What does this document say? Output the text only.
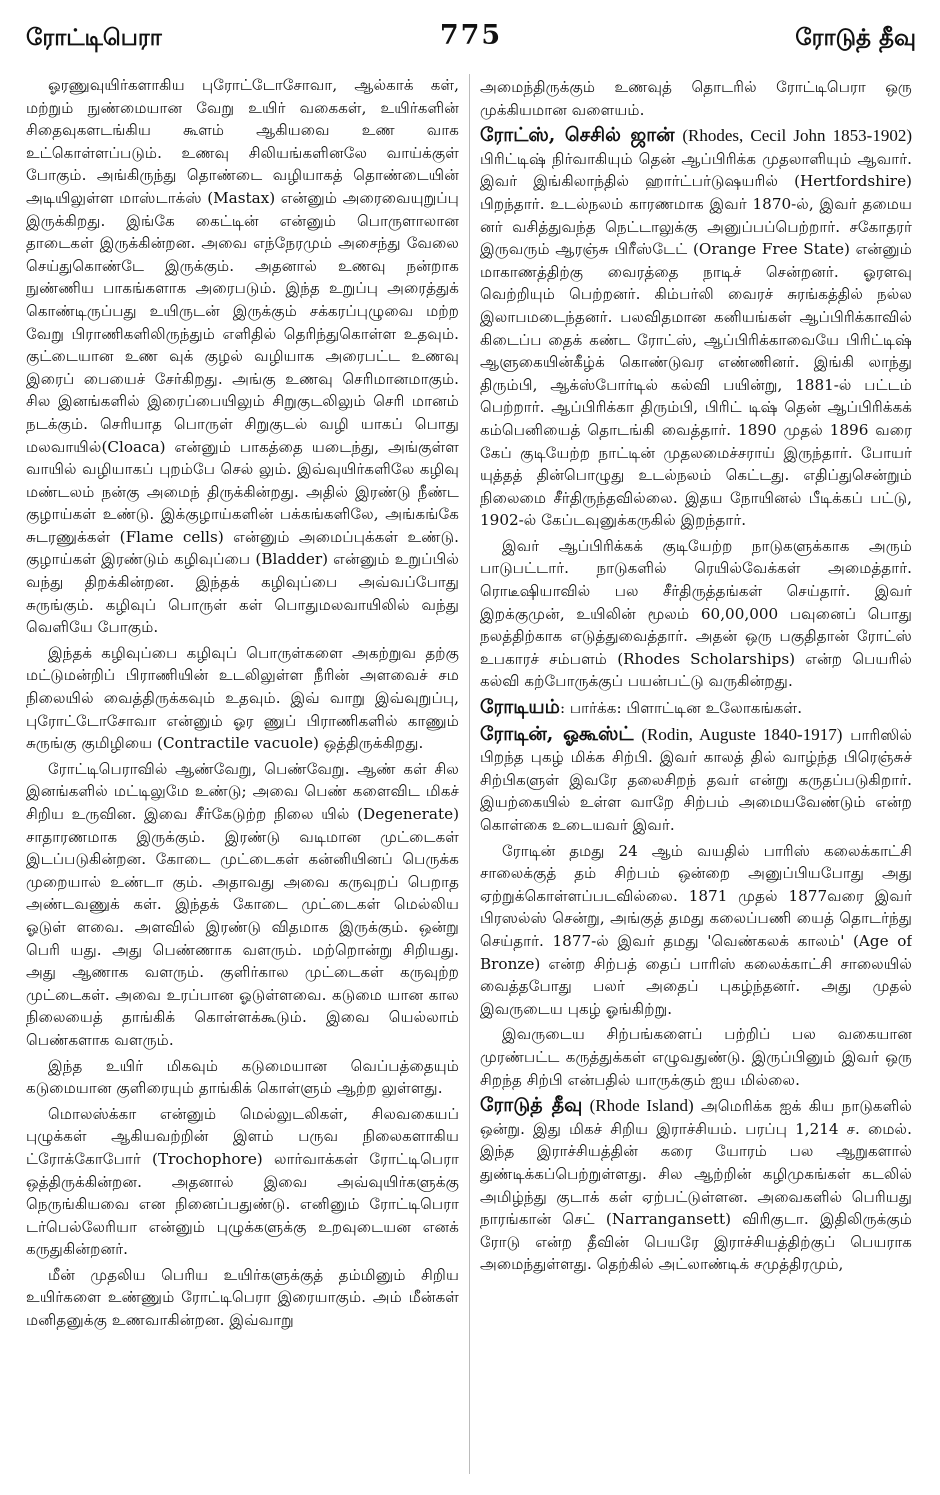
ரோட்டிபெரா	775	ரோடுத் தீவு

ஓரணுவுயிர்களாகிய புரோட்டோசோவா, ஆல்காக் கள், மற்றும் நுண்மையான வேறு உயிர் வகைகள், உயிர்களின் சிதைவுகளடங்கிய கூளம் ஆகியவை உண வாக உட்கொள்ளப்படும். உணவு சிலியங்களினலே வாய்க்குள் போகும். அங்கிருந்து தொண்டை வழியாகத் தொண்டையின் அடியிலுள்ள மாஸ்டாக்ஸ் (Mastax) என்னும் அரைவையுறுப்பு இருக்கிறது. இங்கே கைட்டின் என்னும் பொருளாலான தாடைகள் இருக்கின்றன. அவை எந்நேரமும் அசைந்து வேலை செய்துகொண்டே இருக்கும். அதனால் உணவு நன்றாக நுண்ணிய பாகங்களாக அரைபடும். இந்த உறுப்பு அரைத்துக் கொண்டிருப்பது உயிருடன் இருக்கும் சக்கரப்புழுவை மற்ற வேறு பிராணிகளிலிருந்தும் எளிதில் தெரிந்துகொள்ள உதவும். குட்டையான உண வுக் குழல் வழியாக அரைபட்ட உணவு இரைப் பையைச் சேர்கிறது. அங்கு உணவு செரிமானமாகும். சில இனங்களில் இரைப்பையிலும் சிறுகுடலிலும் செரி மானம் நடக்கும். செரியாத பொருள் சிறுகுடல் வழி யாகப் பொது மலவாயில்(Cloaca) என்னும் பாகத்தை யடைந்து, அங்குள்ள வாயில் வழியாகப் புறம்பே செல் லும். இவ்வுயிர்களிலே கழிவு மண்டலம் நன்கு அமைந் திருக்கின்றது. அதில் இரண்டு நீண்ட குழாய்கள் உண்டு. இக்குழாய்களின் பக்கங்களிலே, அங்கங்கே சுடரணுக்கள் (Flame cells) என்னும் அமைப்புக்கள் உண்டு. குழாய்கள் இரண்டும் கழிவுப்பை (Bladder) என்னும் உறுப்பில் வந்து திறக்கின்றன. இந்தக் கழிவுப்பை அவ்வப்போது சுருங்கும். கழிவுப் பொருள் கள் பொதுமலவாயிலில் வந்து வெளியே போகும்.

இந்தக் கழிவுப்பை கழிவுப் பொருள்களை அகற்றுவ தற்கு மட்டுமன்றிப் பிராணியின் உடலிலுள்ள நீரின் அளவைச் சம நிலையில் வைத்திருக்கவும் உதவும். இவ் வாறு இவ்வுறுப்பு, புரோட்டோசோவா என்னும் ஓர ணுப் பிராணிகளில் காணும் சுருங்கு குமிழியை (Contractile vacuole) ஒத்திருக்கிறது.

ரோட்டிபெராவில் ஆண்வேறு, பெண்வேறு. ஆண் கள் சில இனங்களில் மட்டிலுமே உண்டு; அவை பெண் களைவிட மிகச் சிறிய உருவின. இவை சீர்கேடுற்ற நிலை யில் (Degenerate) சாதாரணமாக இருக்கும். இரண்டு வடிமான முட்டைகள் இடப்படுகின்றன. கோடை முட்டைகள் கன்னியினப் பெருக்க முறையால் உண்டா கும். அதாவது அவை கருவுறப் பெறாத அண்டவணுக் கள். இந்தக் கோடை முட்டைகள் மெல்லிய ஓடுள் ளவை. அளவில் இரண்டு விதமாக இருக்கும். ஒன்று பெரி யது. அது பெண்ணாக வளரும். மற்றொன்று சிறியது. அது ஆணாக வளரும். குளிர்கால முட்டைகள் கருவுற்ற முட்டைகள். அவை உரப்பான ஓடுள்ளவை. கடுமை யான கால நிலையைத் தாங்கிக் கொள்ளக்கூடும். இவை யெல்லாம் பெண்களாக வளரும்.

இந்த உயிர் மிகவும் கடுமையான வெப்பத்தையும் கடுமையான குளிரையும் தாங்கிக் கொள்ளும் ஆற்ற லுள்ளது.

மொலஸ்க்கா என்னும் மெல்லுடலிகள், சிலவகையப் புழுக்கள் ஆகியவற்றின் இளம் பருவ நிலைகளாகிய ட்ரோக்கோபோர் (Trochophore) லார்வாக்கள் ரோட்டிபெரா ஒத்திருக்கின்றன. அதனால் இவை அவ்வுயிர்களுக்கு நெருங்கியவை என நினைப்பதுண்டு. எனினும் ரோட்டிபெரா டர்பெல்லேரியா என்னும் புழுக்களுக்கு உறவுடையன எனக் கருதுகின்றனர்.

மீன் முதலிய பெரிய உயிர்களுக்குத் தம்மினும் சிறிய உயிர்களை உண்ணும் ரோட்டிபெரா இரையாகும். அம் மீன்கள் மனிதனுக்கு உணவாகின்றன. இவ்வாறு

அமைந்திருக்கும் உணவுத் தொடரில் ரோட்டிபெரா ஒரு முக்கியமான வளையம்.

ரோட்ஸ், செசில் ஜான் (Rhodes, Cecil John 1853-1902) பிரிட்டிஷ் நிர்வாகியும் தென் ஆப்பிரிக்க முதலாளியும் ஆவார். இவர் இங்கிலாந்தில் ஹார்ட்பர்டுஷயரில் (Hertfordshire) பிறந்தார். உடல்நலம் காரணமாக இவர் 1870-ல், இவர் தமைய னர் வசித்துவந்த நெட்டாலுக்கு அனுப்பப்பெற்றார். சகோதரர் இருவரும் ஆரஞ்சு பிரீஸ்டேட் (Orange Free State) என்னும் மாகாணத்திற்கு வைரத்தை நாடிச் சென்றனர். ஓரளவு வெற்றியும் பெற்றனர். கிம்பர்லி வைரச் சுரங்கத்தில் நல்ல இலாபமடைந்தனர். பலவிதமான கனியங்கள் ஆப்பிரிக்காவில் கிடைப்ப தைக் கண்ட ரோட்ஸ், ஆப்பிரிக்காவையே பிரிட்டிஷ் ஆளுகையின்கீழ்க் கொண்டுவர எண்ணினர். இங்கி லாந்து திரும்பி, ஆக்ஸ்போர்டில் கல்வி பயின்று, 1881-ல் பட்டம் பெற்றார். ஆப்பிரிக்கா திரும்பி, பிரிட் டிஷ் தென் ஆப்பிரிக்கக் கம்பெனியைத் தொடங்கி வைத்தார். 1890 முதல் 1896 வரை கேப் குடியேற்ற நாட்டின் முதலமைச்சராய் இருந்தார். போயர் யுத்தத் தின்பொழுது உடல்நலம் கெட்டது. எதிப்துசென்றும் நிலைமை சீர்திருந்தவில்லை. இதய நோயினல் பீடிக்கப் பட்டு, 1902-ல் கேப்டவுனுக்கருகில் இறந்தார்.

இவர் ஆப்பிரிக்கக் குடியேற்ற நாடுகளுக்காக அரும் பாடுபட்டார். நாடுகளில் ரெயில்வேக்கள் அமைத்தார். ரொடீஷியாவில் பல சீர்திருத்தங்கள் செய்தார். இவர் இறக்குமுன், உயிலின் மூலம் 60,00,000 பவுனைப் பொது நலத்திற்காக எடுத்துவைத்தார். அதன் ஒரு பகுதிதான் ரோட்ஸ் உபகாரச் சம்பளம் (Rhodes Scholarships) என்ற பெயரில் கல்வி கற்போருக்குப் பயன்பட்டு வருகின்றது.

ரோடியம்: பார்க்க: பிளாட்டின உலோகங்கள்.

ரோடின், ஓகூஸ்ட் (Rodin, Auguste 1840-1917) பாரிஸில் பிறந்த புகழ் மிக்க சிற்பி. இவர் காலத் தில் வாழ்ந்த பிரெஞ்சுச் சிற்பிகளுள் இவரே தலைசிறந் தவர் என்று கருதப்படுகிறார். இயற்கையில் உள்ள வாறே சிற்பம் அமையவேண்டும் என்ற கொள்கை உடையவர் இவர்.

ரோடின் தமது 24 ஆம் வயதில் பாரிஸ் கலைக்காட்சி சாலைக்குத் தம் சிற்பம் ஒன்றை அனுப்பியபோது அது ஏற்றுக்கொள்ளப்படவில்லை. 1871 முதல் 1877வரை இவர் பிரஸல்ஸ் சென்று, அங்குத் தமது கலைப்பணி யைத் தொடர்ந்து செய்தார். 1877-ல் இவர் தமது 'வெண்கலக் காலம்' (Age of Bronze) என்ற சிற்பத் தைப் பாரிஸ் கலைக்காட்சி சாலையில் வைத்தபோது பலர் அதைப் புகழ்ந்தனர். அது முதல் இவருடைய புகழ் ஓங்கிற்று.

இவருடைய சிற்பங்களைப் பற்றிப் பல வகையான முரண்பட்ட கருத்துக்கள் எழுவதுண்டு. இருப்பினும் இவர் ஒரு சிறந்த சிற்பி என்பதில் யாருக்கும் ஐய மில்லை.

ரோடுத் தீவு (Rhode Island) அமெரிக்க ஐக் கிய நாடுகளில் ஒன்று. இது மிகச் சிறிய இராச்சியம். பரப்பு 1,214 ச. மைல். இந்த இராச்சியத்தின் கரை யோரம் பல ஆறுகளால் துண்டிக்கப்பெற்றுள்ளது. சில ஆற்றின் கழிமுகங்கள் கடலில் அமிழ்ந்து குடாக் கள் ஏற்பட்டுள்ளன. அவைகளில் பெரியது நாரங்கான் செட் (Narrangansett) விரிகுடா. இதிலிருக்கும் ரோடு என்ற தீவின் பெயரே இராச்சியத்திற்குப் பெயராக அமைந்துள்ளது. தெற்கில் அட்லாண்டிக் சமுத்திரமும்,
